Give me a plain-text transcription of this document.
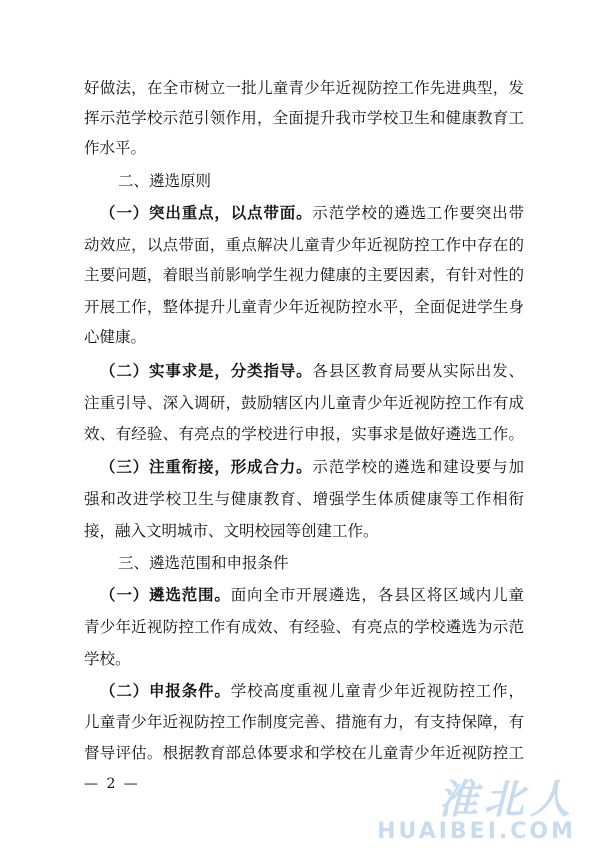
好做法，在全市树立一批儿童青少年近视防控工作先进典型，发
挥示范学校示范引领作用，全面提升我市学校卫生和健康教育工
作水平。
二、遴选原则
（一）突出重点，以点带面。示范学校的遴选工作要突出带
动效应，以点带面，重点解决儿童青少年近视防控工作中存在的
主要问题，着眼当前影响学生视力健康的主要因素，有针对性的
开展工作，整体提升儿童青少年近视防控水平，全面促进学生身
心健康。
（二）实事求是，分类指导。各县区教育局要从实际出发、
注重引导、深入调研，鼓励辖区内儿童青少年近视防控工作有成
效、有经验、有亮点的学校进行申报，实事求是做好遴选工作。
（三）注重衔接，形成合力。示范学校的遴选和建设要与加
强和改进学校卫生与健康教育、增强学生体质健康等工作相衔
接，融入文明城市、文明校园等创建工作。
三、遴选范围和申报条件
（一）遴选范围。面向全市开展遴选，各县区将区域内儿童
青少年近视防控工作有成效、有经验、有亮点的学校遴选为示范
学校。
（二）申报条件。学校高度重视儿童青少年近视防控工作，
儿童青少年近视防控工作制度完善、措施有力，有支持保障，有
督导评估。根据教育部总体要求和学校在儿童青少年近视防控工
— 2 —	淮北人
HUAIBEI.COM
